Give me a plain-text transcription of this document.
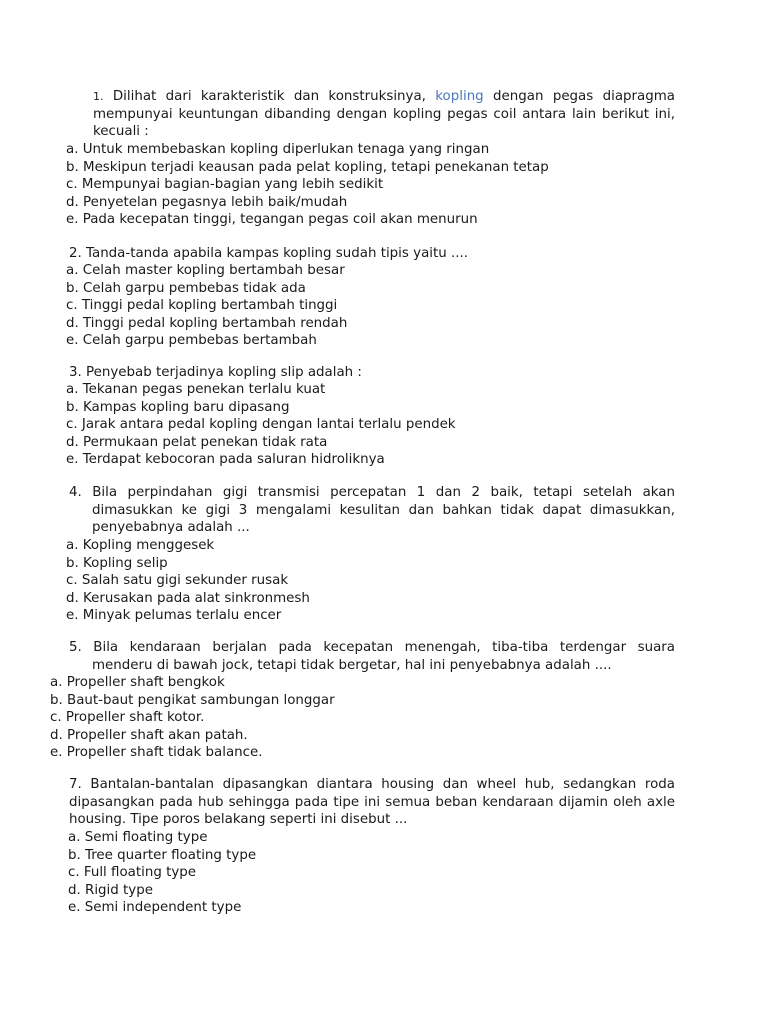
1. Dilihat dari karakteristik dan konstruksinya, kopling dengan pegas diapragma
mempunyai keuntungan dibanding dengan kopling pegas coil antara lain berikut ini,
kecuali :
a. Untuk membebaskan kopling diperlukan tenaga yang ringan
b. Meskipun terjadi keausan pada pelat kopling, tetapi penekanan tetap
c. Mempunyai bagian-bagian yang lebih sedikit
d. Penyetelan pegasnya lebih baik/mudah
e. Pada kecepatan tinggi, tegangan pegas coil akan menurun
2. Tanda-tanda apabila kampas kopling sudah tipis yaitu ....
a. Celah master kopling bertambah besar
b. Celah garpu pembebas tidak ada
c. Tinggi pedal kopling bertambah tinggi
d. Tinggi pedal kopling bertambah rendah
e. Celah garpu pembebas bertambah
3. Penyebab terjadinya kopling slip adalah :
a. Tekanan pegas penekan terlalu kuat
b. Kampas kopling baru dipasang
c. Jarak antara pedal kopling dengan lantai terlalu pendek
d. Permukaan pelat penekan tidak rata
e. Terdapat kebocoran pada saluran hidroliknya
4. Bila perpindahan gigi transmisi percepatan 1 dan 2 baik, tetapi setelah akan
dimasukkan ke gigi 3 mengalami kesulitan dan bahkan tidak dapat dimasukkan,
penyebabnya adalah ...
a. Kopling menggesek
b. Kopling selip
c. Salah satu gigi sekunder rusak
d. Kerusakan pada alat sinkronmesh
e. Minyak pelumas terlalu encer
5. Bila kendaraan berjalan pada kecepatan menengah, tiba-tiba terdengar suara
menderu di bawah jock, tetapi tidak bergetar, hal ini penyebabnya adalah ....
a. Propeller shaft bengkok
b. Baut-baut pengikat sambungan longgar
c. Propeller shaft kotor.
d. Propeller shaft akan patah.
e. Propeller shaft tidak balance.
7. Bantalan-bantalan dipasangkan diantara housing dan wheel hub, sedangkan roda
dipasangkan pada hub sehingga pada tipe ini semua beban kendaraan dijamin oleh axle
housing. Tipe poros belakang seperti ini disebut ...
a. Semi floating type
b. Tree quarter floating type
c. Full floating type
d. Rigid type
e. Semi independent type
